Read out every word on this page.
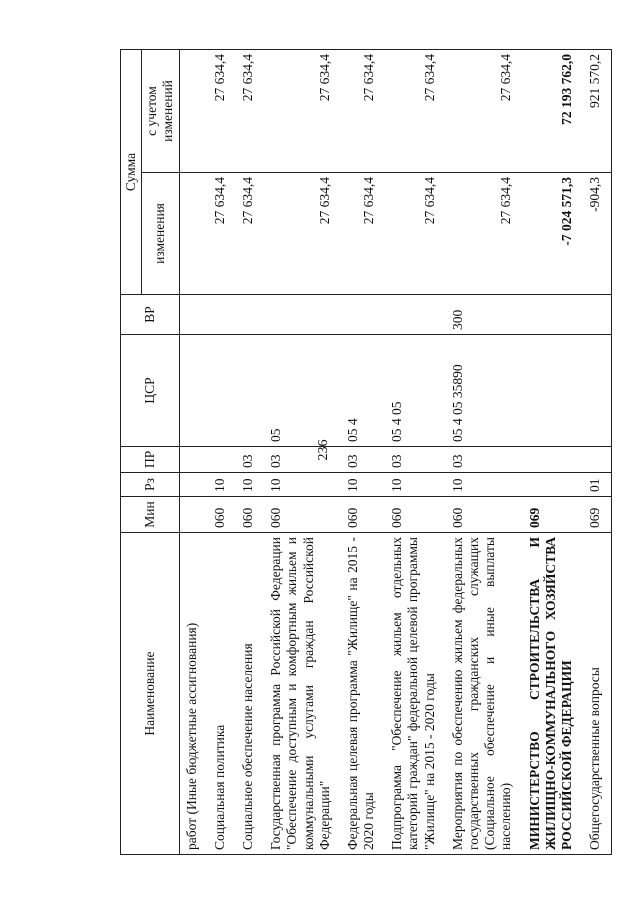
236
Наименование	Мин	Рз	ПР	ЦСР	ВР	Сумма	
						изменения	с учетом изменений
работ (Иные бюджетные ассигнования)							
Социальная политика	060	10				27 634,4	27 634,4
Социальное обеспечение населения	060	10	03			27 634,4	27 634,4
Государственная программа Российской Федерации "Обеспечение доступным и комфортным жильем и коммунальными услугами граждан Российской Федерации"	060	10	03	05		27 634,4	27 634,4
Федеральная целевая программа "Жилище" на 2015 - 2020 годы	060	10	03	05 4		27 634,4	27 634,4
Подпрограмма "Обеспечение жильем отдельных категорий граждан" федеральной целевой программы "Жилище" на 2015 - 2020 годы	060	10	03	05 4 05		27 634,4	27 634,4
Мероприятия по обеспечению жильем федеральных государственных гражданских служащих (Социальное обеспечение и иные выплаты населению)	060	10	03	05 4 05 35890	300	27 634,4	27 634,4
МИНИСТЕРСТВО СТРОИТЕЛЬСТВА И ЖИЛИЩНО-КОММУНАЛЬНОГО ХОЗЯЙСТВА РОССИЙСКОЙ ФЕДЕРАЦИИ	069					-7 024 571,3	72 193 762,0
Общегосударственные вопросы	069	01				-904,3	921 570,2
